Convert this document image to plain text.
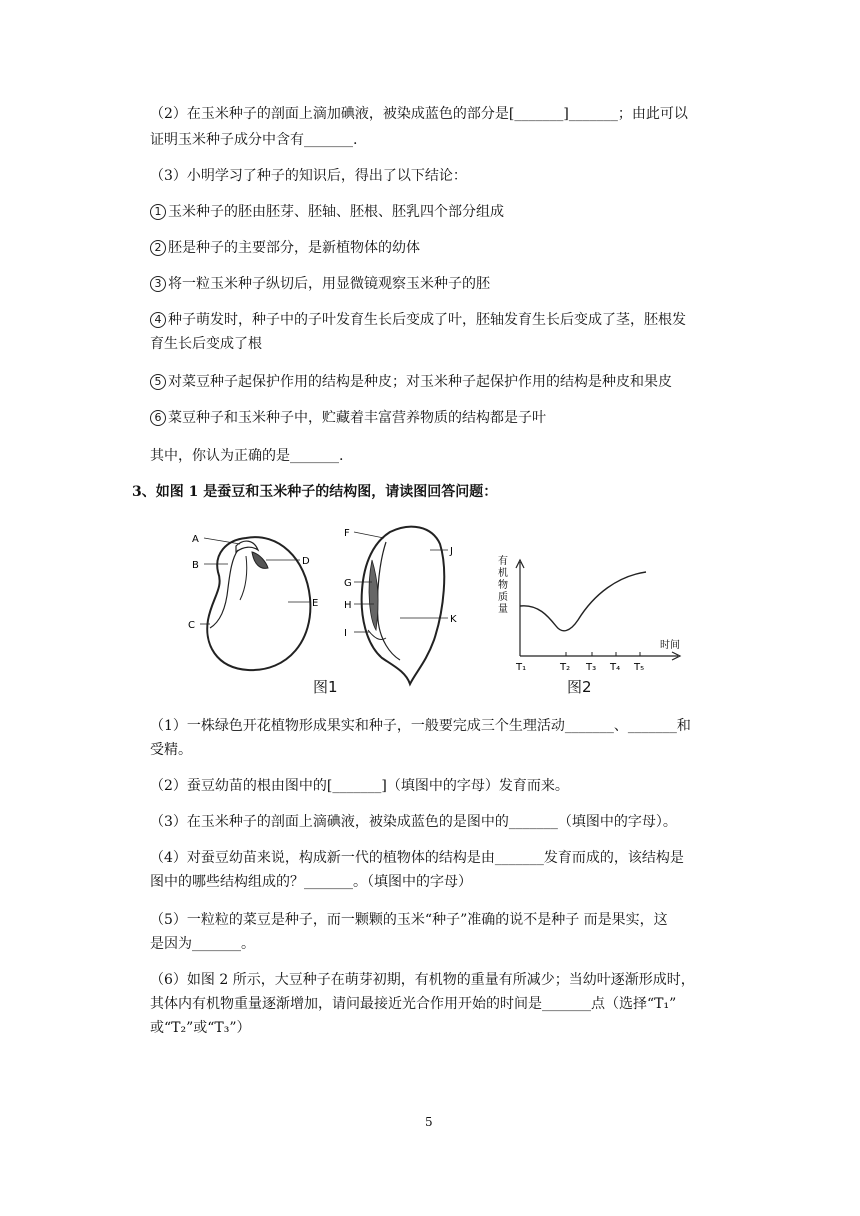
（2）在玉米种子的剖面上滴加碘液，被染成蓝色的部分是[_______]_______；由此可以
证明玉米种子成分中含有_______.
（3）小明学习了种子的知识后，得出了以下结论：
1 玉米种子的胚由胚芽、胚轴、胚根、胚乳四个部分组成
2 胚是种子的主要部分，是新植物体的幼体
3 将一粒玉米种子纵切后，用显微镜观察玉米种子的胚
4 种子萌发时，种子中的子叶发育生长后变成了叶，胚轴发育生长后变成了茎，胚根发
育生长后变成了根
5 对菜豆种子起保护作用的结构是种皮；对玉米种子起保护作用的结构是种皮和果皮
6 菜豆种子和玉米种子中，贮藏着丰富营养物质的结构都是子叶
其中，你认为正确的是_______.
3、如图 1 是蚕豆和玉米种子的结构图，请读图回答问题：
A
B
C
D
E
F
G
H
I
J
K
有
机
物
质
量
时间
T₁	T₂ T₃ T₄ T₅
图1	图2
（1）一株绿色开花植物形成果实和种子，一般要完成三个生理活动_______、_______和
受精。
（2）蚕豆幼苗的根由图中的[_______]（填图中的字母）发育而来。
（3）在玉米种子的剖面上滴碘液，被染成蓝色的是图中的_______（填图中的字母）。
（4）对蚕豆幼苗来说，构成新一代的植物体的结构是由_______发育而成的，该结构是
图中的哪些结构组成的？_______。（填图中的字母）
（5）一粒粒的菜豆是种子，而一颗颗的玉米“种子”准确的说不是种子 而是果实，这
是因为_______。
（6）如图 2 所示，大豆种子在萌芽初期，有机物的重量有所减少；当幼叶逐渐形成时，
其体内有机物重量逐渐增加，请问最接近光合作用开始的时间是_______点（选择“T₁”
或“T₂”或“T₃”）
5
